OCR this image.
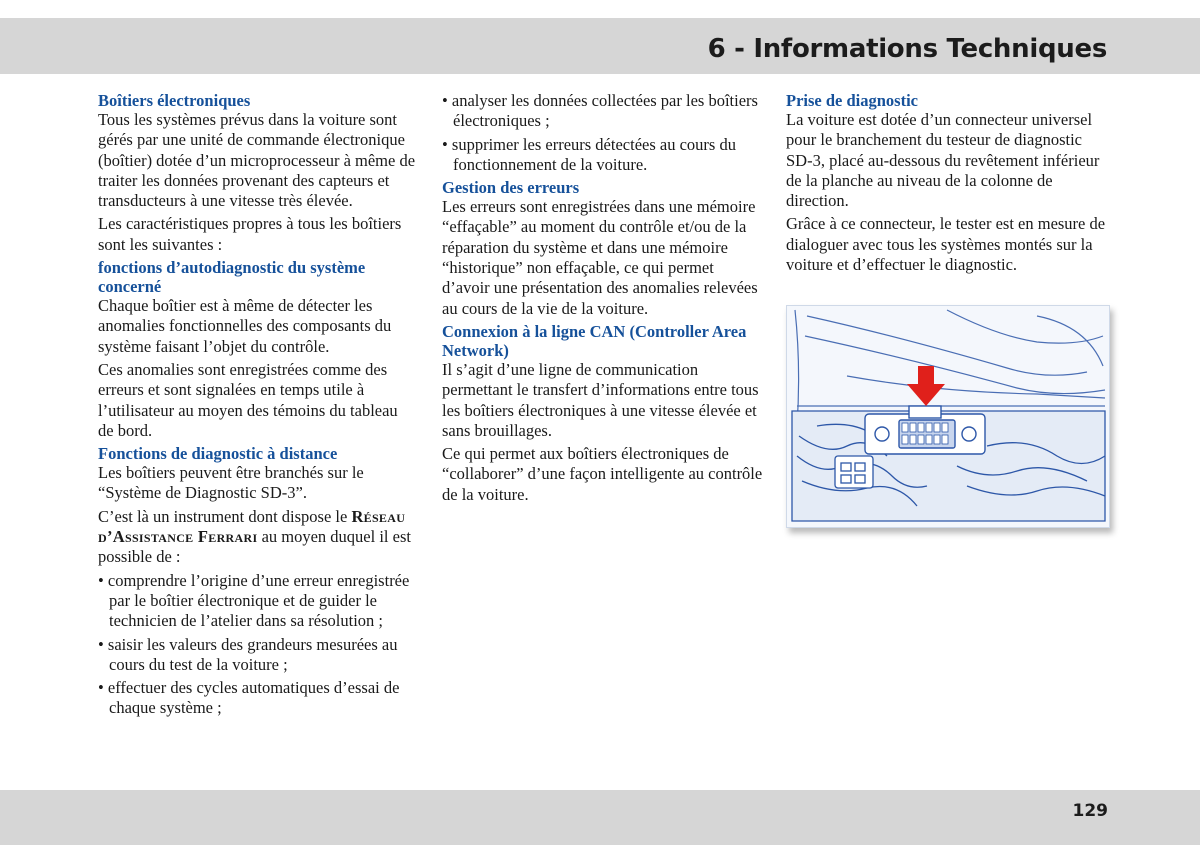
6 - Informations Techniques
Boîtiers électroniques

Tous les systèmes prévus dans la voiture sont gérés par une unité de commande électronique (boîtier) dotée d’un microprocesseur à même de traiter les données provenant des capteurs et transducteurs à une vitesse très élevée.

Les caractéristiques propres à tous les boîtiers sont les suivantes :

fonctions d’autodiagnostic du système concerné

Chaque boîtier est à même de détecter les anomalies fonctionnelles des composants du système faisant l’objet du contrôle.

Ces anomalies sont enregistrées comme des erreurs et sont signalées en temps utile à l’utilisateur au moyen des témoins du tableau de bord.

Fonctions de diagnostic à distance

Les boîtiers peuvent être branchés sur le “Système de Diagnostic SD-3”.

C’est là un instrument dont dispose le Réseau d’Assistance Ferrari au moyen duquel il est possible de :

• comprendre l’origine d’une erreur enregistrée par le boîtier électronique et de guider le technicien de l’atelier dans sa résolution ;

• saisir les valeurs des grandeurs mesurées au cours du test de la voiture ;

• effectuer des cycles automatiques d’essai de chaque système ;

• analyser les données collectées par les boîtiers électroniques ;

• supprimer les erreurs détectées au cours du fonctionnement de la voiture.

Gestion des erreurs

Les erreurs sont enregistrées dans une mémoire “effaçable” au moment du contrôle et/ou de la réparation du système et dans une mémoire “historique” non effaçable, ce qui permet d’avoir une présentation des anomalies relevées au cours de la vie de la voiture.

Connexion à la ligne CAN (Controller Area Network)

Il s’agit d’une ligne de communication permettant le transfert d’informations entre tous les boîtiers électroniques à une vitesse élevée et sans brouillages.

Ce qui permet aux boîtiers électroniques de “collaborer” d’une façon intelligente au contrôle de la voiture.

Prise de diagnostic

La voiture est dotée d’un connecteur universel pour le branchement du testeur de diagnostic SD-3, placé au-dessous du revêtement inférieur de la planche au niveau de la colonne de direction.

Grâce à ce connecteur, le tester est en mesure de dialoguer avec tous les systèmes montés sur la voiture et d’effectuer le diagnostic.

129
